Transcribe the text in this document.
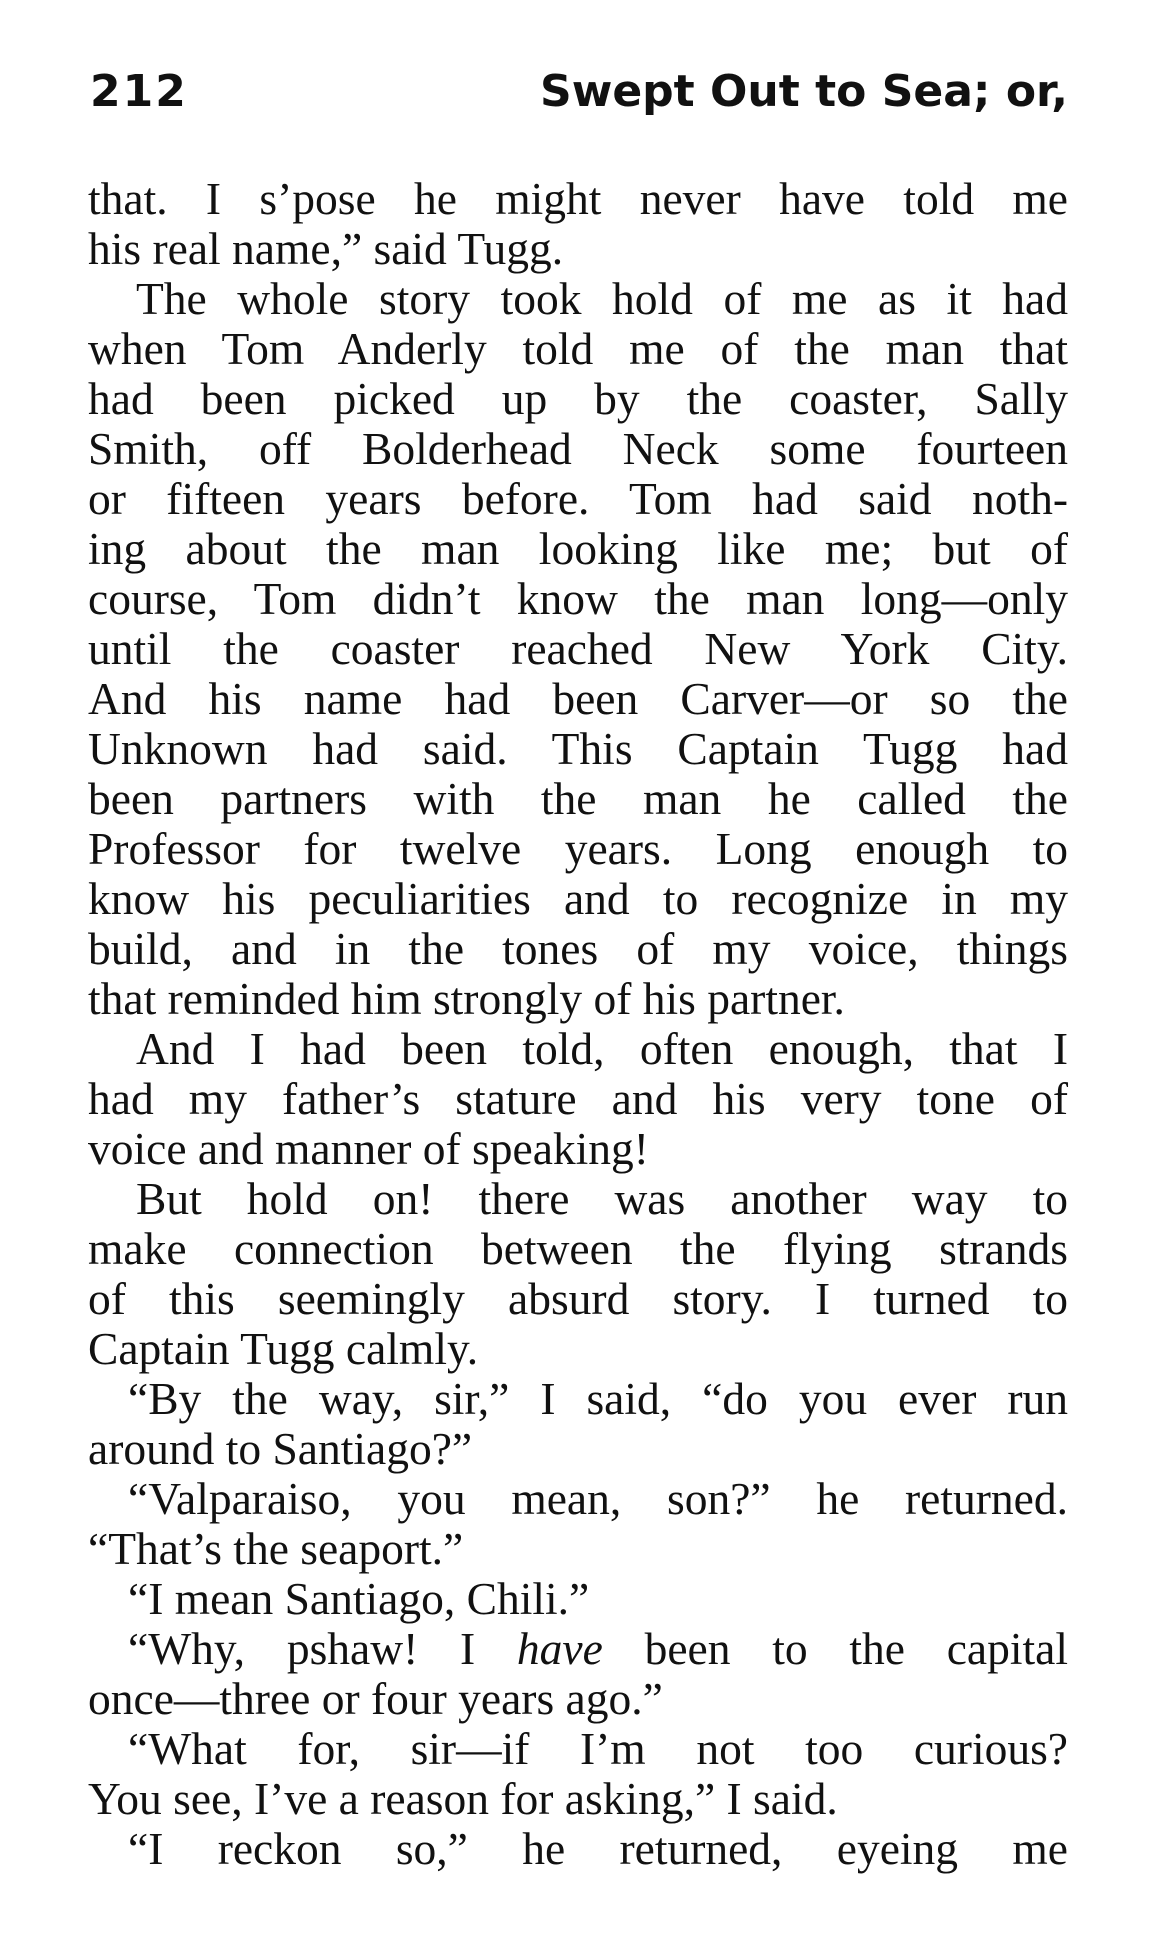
212	Swept Out to Sea; or,
that. I s’pose he might never have told me
his real name,” said Tugg.
The whole story took hold of me as it had
when Tom Anderly told me of the man that
had been picked up by the coaster, Sally
Smith, off Bolderhead Neck some fourteen
or fifteen years before. Tom had said noth-
ing about the man looking like me; but of
course, Tom didn’t know the man long—only
until the coaster reached New York City.
And his name had been Carver—or so the
Unknown had said. This Captain Tugg had
been partners with the man he called the
Professor for twelve years. Long enough to
know his peculiarities and to recognize in my
build, and in the tones of my voice, things
that reminded him strongly of his partner.
And I had been told, often enough, that I
had my father’s stature and his very tone of
voice and manner of speaking!
But hold on! there was another way to
make connection between the flying strands
of this seemingly absurd story. I turned to
Captain Tugg calmly.
“By the way, sir,” I said, “do you ever run
around to Santiago?”
“Valparaiso, you mean, son?” he returned.
“That’s the seaport.”
“I mean Santiago, Chili.”
“Why, pshaw! I have been to the capital
once—three or four years ago.”
“What for, sir—if I’m not too curious?
You see, I’ve a reason for asking,” I said.
“I reckon so,” he returned, eyeing me
